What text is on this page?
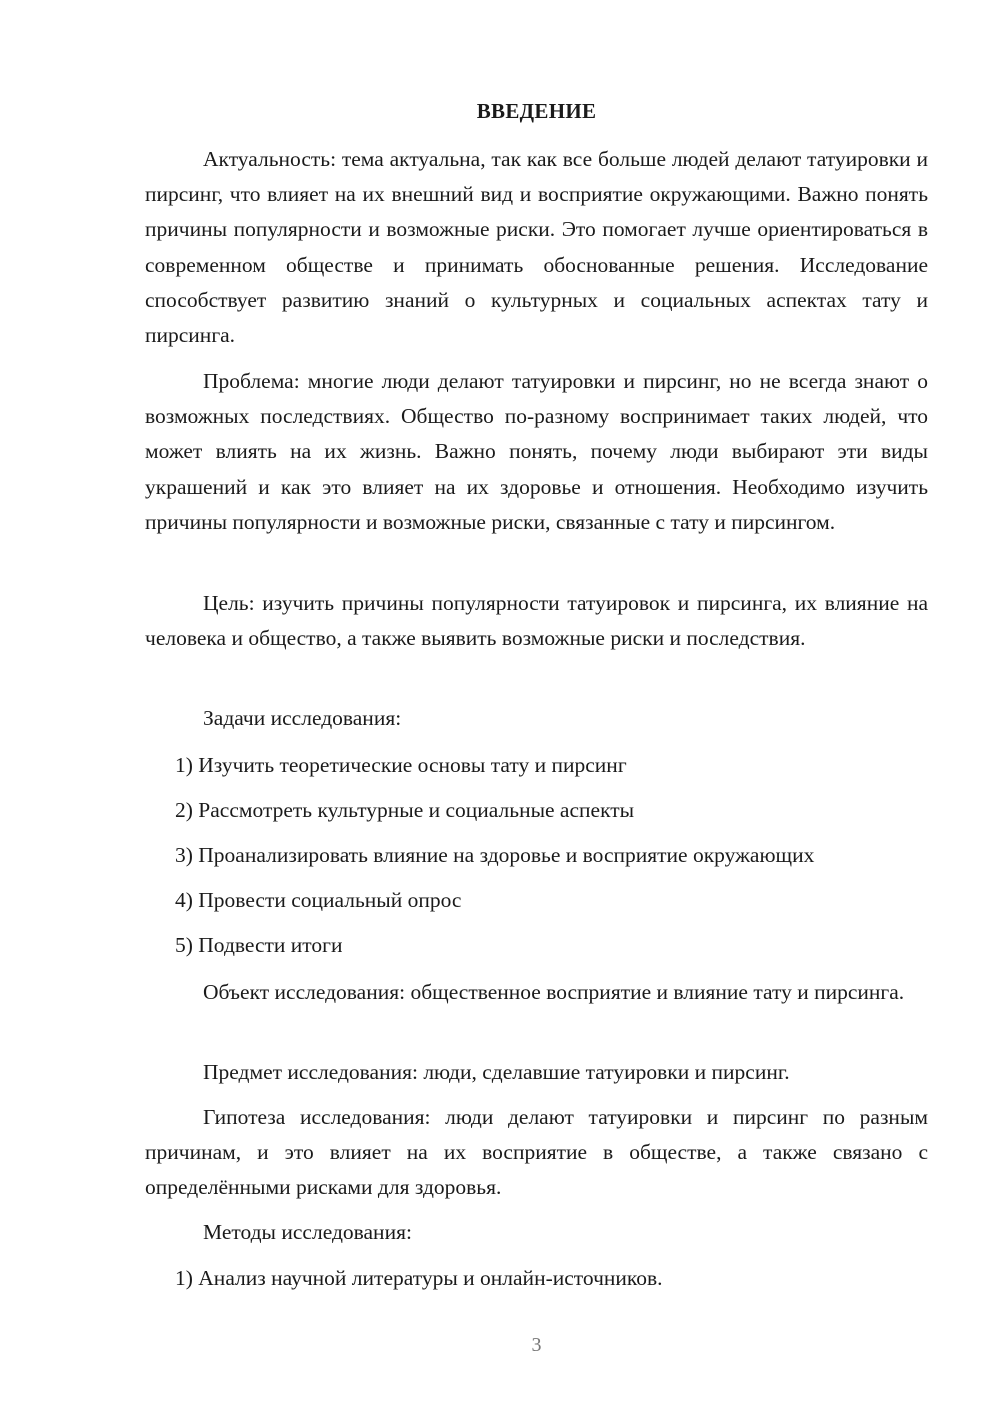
ВВЕДЕНИЕ

Актуальность: тема актуальна, так как все больше людей делают татуировки и пирсинг, что влияет на их внешний вид и восприятие окружающими. Важно понять причины популярности и возможные риски. Это помогает лучше ориентироваться в современном обществе и принимать обоснованные решения. Исследование способствует развитию знаний о культурных и социальных аспектах тату и пирсинга.

Проблема: многие люди делают татуировки и пирсинг, но не всегда знают о возможных последствиях. Общество по-разному воспринимает таких людей, что может влиять на их жизнь. Важно понять, почему люди выбирают эти виды украшений и как это влияет на их здоровье и отношения. Необходимо изучить причины популярности и возможные риски, связанные с тату и пирсингом.

Цель: изучить причины популярности татуировок и пирсинга, их влияние на человека и общество, а также выявить возможные риски и последствия.

Задачи исследования:

1) Изучить теоретические основы тату и пирсинг

2) Рассмотреть культурные и социальные аспекты

3) Проанализировать влияние на здоровье и восприятие окружающих

4) Провести социальный опрос

5) Подвести итоги

Объект исследования: общественное восприятие и влияние тату и пирсинга.

Предмет исследования: люди, сделавшие татуировки и пирсинг.

Гипотеза исследования: люди делают татуировки и пирсинг по разным причинам, и это влияет на их восприятие в обществе, а также связано с определёнными рисками для здоровья.

Методы исследования:

1) Анализ научной литературы и онлайн-источников.

3
